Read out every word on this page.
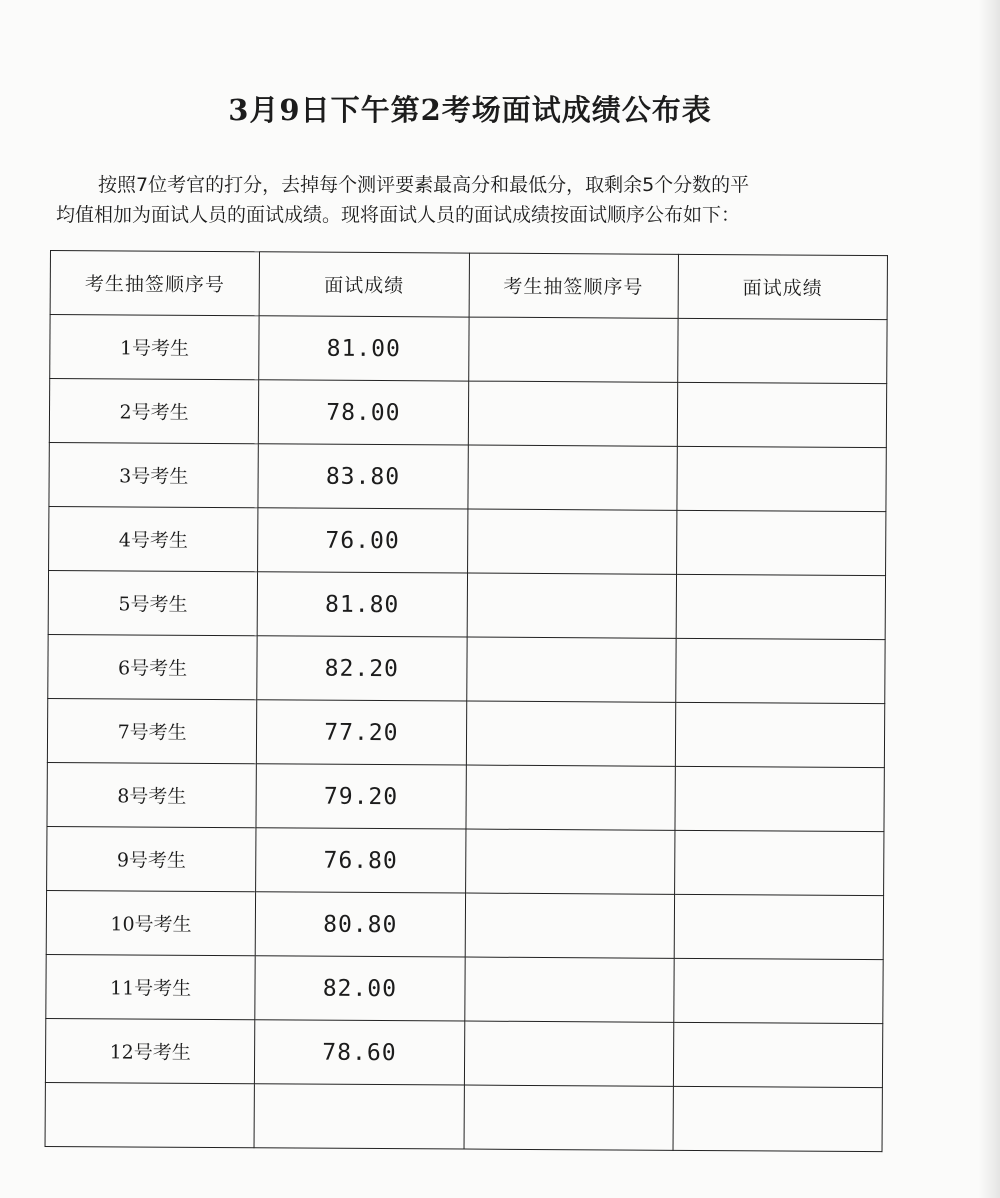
3月9日下午第2考场面试成绩公布表
按照7位考官的打分，去掉每个测评要素最高分和最低分，取剩余5个分数的平
均值相加为面试人员的面试成绩。现将面试人员的面试成绩按面试顺序公布如下：
考生抽签顺序号	面试成绩	考生抽签顺序号	面试成绩
1号考生	81.00		
2号考生	78.00		
3号考生	83.80		
4号考生	76.00		
5号考生	81.80		
6号考生	82.20		
7号考生	77.20		
8号考生	79.20		
9号考生	76.80		
10号考生	80.80		
11号考生	82.00		
12号考生	78.60		
